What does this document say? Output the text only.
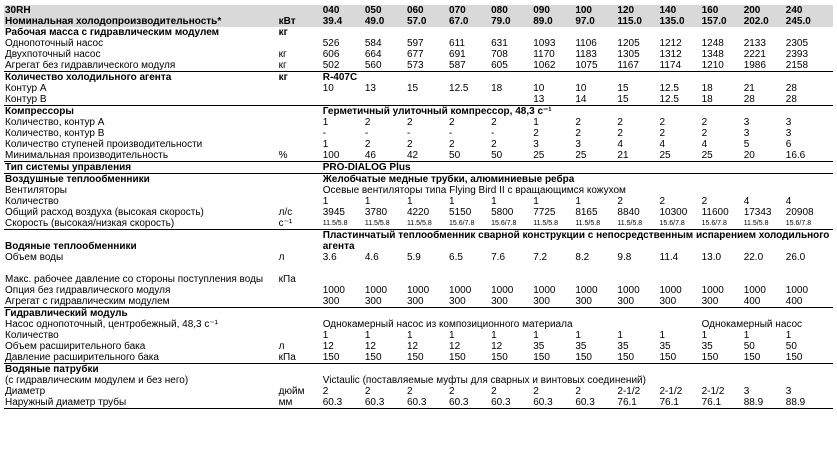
30RH		040	050	060	070	080	090	100	120	140	160	200	240
Номинальная холодопроизводительность*	кВт	39.4	49.0	57.0	67.0	79.0	89.0	97.0	115.0	135.0	157.0	202.0	245.0
Рабочая масса с гидравлическим модулем	кг												
Однопоточный насос		526	584	597	611	631	1093	1106	1205	1212	1248	2133	2305
Двухпоточный насос	кг	606	664	677	691	708	1170	1183	1305	1312	1348	2221	2393
Агрегат без гидравлического модуля	кг	502	560	573	587	605	1062	1075	1167	1174	1210	1986	2158
Количество холодильного агента	кг	R-407C											
Контур А		10	13	15	12.5	18	10	10	15	12.5	18	21	28
Контур В							13	14	15	12.5	18	28	28
Компрессоры		Герметичный улиточный компрессор, 48,3 с⁻¹											
Количество, контур А		1	2	2	2	2	1	2	2	2	2	3	3
Количество, контур В		-	-	-	-	-	2	2	2	2	2	3	3
Количество ступеней производительности		1	2	2	2	2	3	3	4	4	4	5	6
Минимальная производительность	%	100	46	42	50	50	25	25	21	25	25	20	16.6
Тип системы управления		PRO-DIALOG Plus											
Воздушные теплообменники		Желобчатые медные трубки, алюминиевые ребра											
Вентиляторы		Осевые вентиляторы типа Flying Bird II с вращающимся кожухом											
Количество		1	1	1	1	1	1	1	2	2	2	4	4
Общий расход воздуха (высокая скорость)	л/с	3945	3780	4220	5150	5800	7725	8165	8840	10300	11600	17343	20908
Скорость (высокая/низкая скорость)	с⁻¹	11.5/5.8	11.5/5.8	11.5/5.8	15.6/7.8	15.6/7.8	11.5/5.8	11.5/5.8	11.5/5.8	15.6/7.8	15.6/7.8	11.5/5.8	15.6/7.8
Водяные теплообменники		Пластинчатый теплообменник сварной конструкции с непосредственным испарением холодильного агента											
Объем воды	л	3.6	4.6	5.9	6.5	7.6	7.2	8.2	9.8	11.4	13.0	22.0	26.0
Макс. рабочее давление со стороны поступления воды	кПа												
Опция без гидравлического модуля		1000	1000	1000	1000	1000	1000	1000	1000	1000	1000	1000	1000
Агрегат с гидравлическим модулем		300	300	300	300	300	300	300	300	300	300	400	400
Гидравлический модуль													
Насос однопоточный, центробежный, 48,3 с⁻¹		Однокамерный насос из композиционного материала									Однокамерный насос		
Количество		1	1	1	1	1	1	1	1	1	1	1	1
Объем расширительного бака	л	12	12	12	12	12	35	35	35	35	35	50	50
Давление расширительного бака	кПа	150	150	150	150	150	150	150	150	150	150	150	150
Водяные патрубки													
(с гидравлическим модулем и без него)		Victaulic (поставляемые муфты для сварных и винтовых соединений)											
Диаметр	дюйм	2	2	2	2	2	2	2	2-1/2	2-1/2	2-1/2	3	3
Наружный диаметр трубы	мм	60.3	60.3	60.3	60.3	60.3	60.3	60.3	76.1	76.1	76.1	88.9	88.9
